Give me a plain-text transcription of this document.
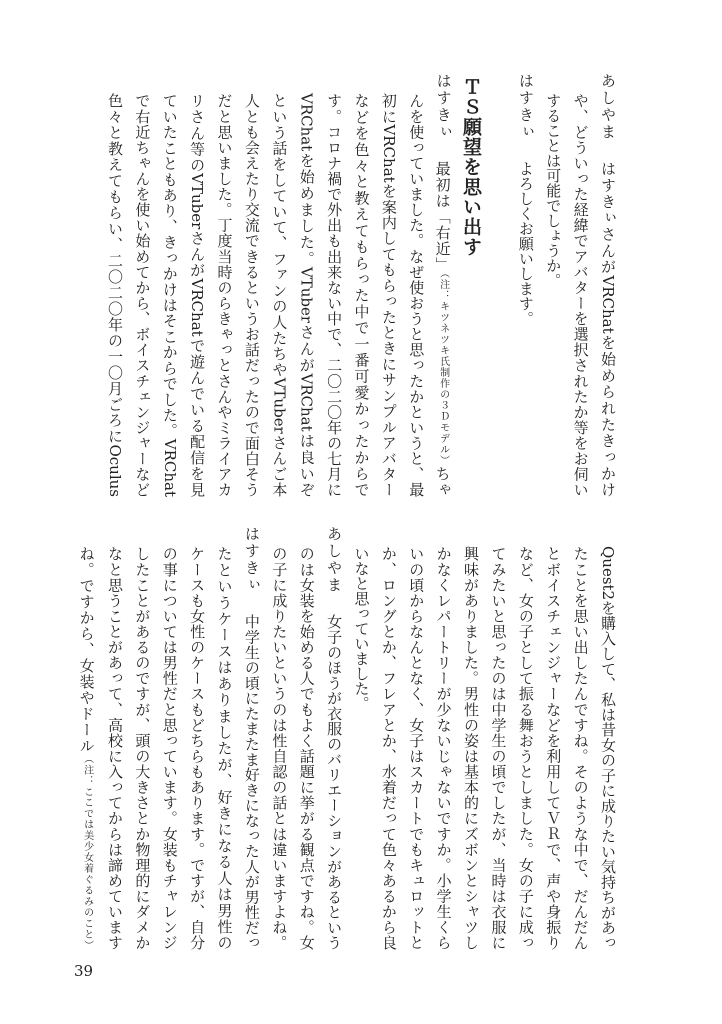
あしやま
はすきぃさんがVRChatを始められたきっかけ
や、どういった経緯でアバターを選択されたか等をお伺い
することは可能でしょうか。
はすきぃ
よろしくお願いします。
ＴＳ願望を思い出す
はすきぃ
最初は「右近」（注：キツネツキ氏制作の３Ｄモデル）ちゃ
んを使っていました。なぜ使おうと思ったかというと、最
初にVRChatを案内してもらったときにサンプルアバター
などを色々と教えてもらった中で一番可愛かったからで
す。コロナ禍で外出も出来ない中で、二〇二〇年の七月に
VRChatを始めました。VTuberさんがVRChatは良いぞ
という話をしていて、ファンの人たちやVTuberさんご本
人とも会えたり交流できるというお話だったので面白そう
だと思いました。丁度当時のらきゃっとさんやミライアカ
リさん等のVTuberさんがVRChatで遊んでいる配信を見
ていたこともあり、きっかけはそこからでした。VRChat
で右近ちゃんを使い始めてから、ボイスチェンジャーなど
色々と教えてもらい、二〇二〇年の一〇月ごろにOculus
Quest2を購入して、私は昔女の子に成りたい気持ちがあっ
たことを思い出したんですね。そのような中で、だんだん
とボイスチェンジャーなどを利用してＶＲで、声や身振り
など、女の子として振る舞おうとしました。女の子に成っ
てみたいと思ったのは中学生の頃でしたが、当時は衣服に
興味がありました。男性の姿は基本的にズボンとシャツし
かなくレパートリーが少ないじゃないですか。小学生くら
いの頃からなんとなく、女子はスカートでもキュロットと
か、ロングとか、フレアとか、水着だって色々あるから良
いなと思っていました。
あしやま
女子のほうが衣服のバリエーションがあるという
のは女装を始める人でもよく話題に挙がる観点ですね。女
の子に成りたいというのは性自認の話とは違いますよね。
はすきぃ
中学生の頃にたまたま好きになった人が男性だっ
たというケースはありましたが、好きになる人は男性の
ケースも女性のケースもどちらもあります。ですが、自分
の事については男性だと思っています。女装もチャレンジ
したことがあるのですが、頭の大きさとか物理的にダメか
なと思うことがあって、高校に入ってからは諦めています
ね。ですから、女装やドール（注：ここでは美少女着ぐるみのこと）
39
